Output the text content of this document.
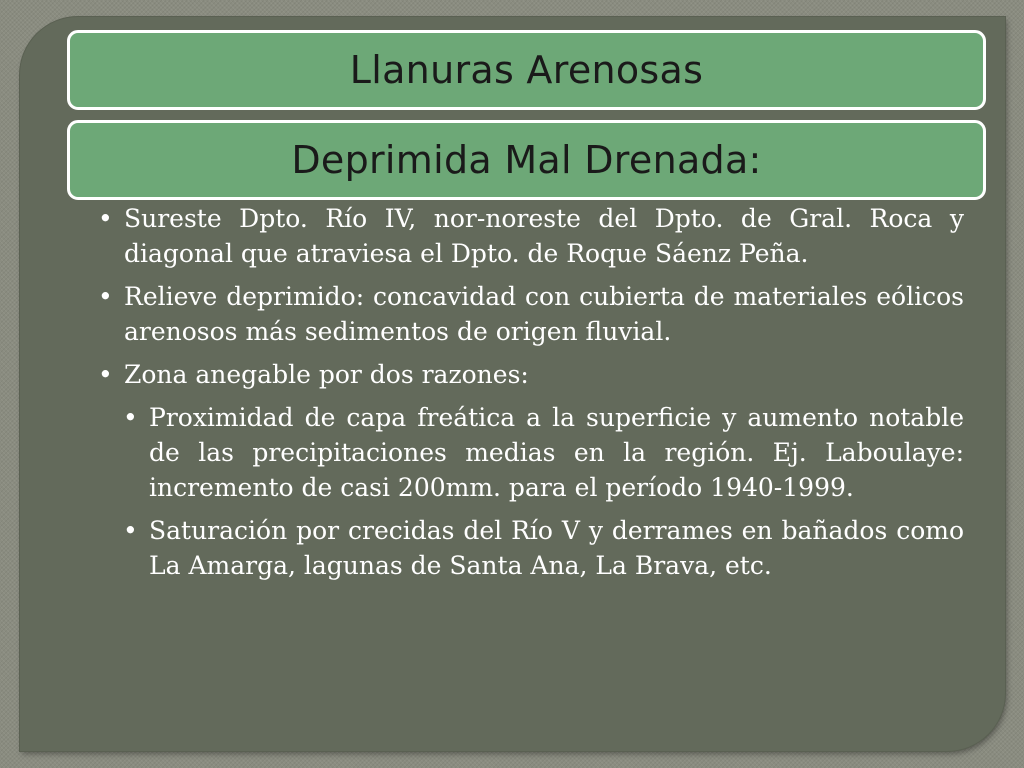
Llanuras Arenosas
Deprimida Mal Drenada:
• Sureste Dpto. Río IV, nor-noreste del Dpto. de Gral. Roca y diagonal que atraviesa el Dpto. de Roque Sáenz Peña.
• Relieve deprimido: concavidad con cubierta de materiales eólicos arenosos más sedimentos de origen fluvial.
• Zona anegable por dos razones:
• Proximidad de capa freática a la superficie y aumento notable de las precipitaciones medias en la región. Ej. Laboulaye: incremento de casi 200mm. para el período 1940-1999.
• Saturación por crecidas del Río V y derrames en bañados como La Amarga, lagunas de Santa Ana, La Brava, etc.
